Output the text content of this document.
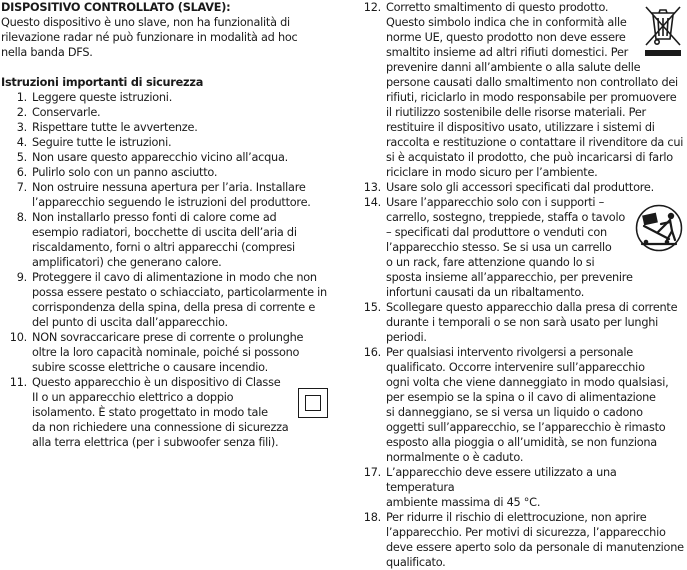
DISPOSITIVO CONTROLLATO (SLAVE):

Questo dispositivo è uno slave, non ha funzionalità di
rilevazione radar né può funzionare in modalità ad hoc
nella banda DFS.

Istruzioni importanti di sicurezza

1. Leggere queste istruzioni.
2. Conservarle.
3. Rispettare tutte le avvertenze.
4. Seguire tutte le istruzioni.
5. Non usare questo apparecchio vicino all’acqua.
6. Pulirlo solo con un panno asciutto.
7. Non ostruire nessuna apertura per l’aria. Installare
l’apparecchio seguendo le istruzioni del produttore.
8. Non installarlo presso fonti di calore come ad
esempio radiatori, bocchette di uscita dell’aria di
riscaldamento, forni o altri apparecchi (compresi
amplificatori) che generano calore.
9. Proteggere il cavo di alimentazione in modo che non
possa essere pestato o schiacciato, particolarmente in
corrispondenza della spina, della presa di corrente e
del punto di uscita dall’apparecchio.
10. NON sovraccaricare prese di corrente o prolunghe
oltre la loro capacità nominale, poiché si possono
subire scosse elettriche o causare incendio.
11. Questo apparecchio è un dispositivo di Classe
II o un apparecchio elettrico a doppio
isolamento. È stato progettato in modo tale
da non richiedere una connessione di sicurezza
alla terra elettrica (per i subwoofer senza fili).
12. Corretto smaltimento di questo prodotto.
Questo simbolo indica che in conformità alle
norme UE, questo prodotto non deve essere
smaltito insieme ad altri rifiuti domestici. Per
prevenire danni all’ambiente o alla salute delle
persone causati dallo smaltimento non controllato dei
rifiuti, riciclarlo in modo responsabile per promuovere
il riutilizzo sostenibile delle risorse materiali. Per
restituire il dispositivo usato, utilizzare i sistemi di
raccolta e restituzione o contattare il rivenditore da cui
si è acquistato il prodotto, che può incaricarsi di farlo
riciclare in modo sicuro per l’ambiente.
13. Usare solo gli accessori specificati dal produttore.
14. Usare l’apparecchio solo con i supporti –
carrello, sostegno, treppiede, staffa o tavolo
– specificati dal produttore o venduti con
l’apparecchio stesso. Se si usa un carrello
o un rack, fare attenzione quando lo si
sposta insieme all’apparecchio, per prevenire
infortuni causati da un ribaltamento.
15. Scollegare questo apparecchio dalla presa di corrente
durante i temporali o se non sarà usato per lunghi
periodi.
16. Per qualsiasi intervento rivolgersi a personale
qualificato. Occorre intervenire sull’apparecchio
ogni volta che viene danneggiato in modo qualsiasi,
per esempio se la spina o il cavo di alimentazione
si danneggiano, se si versa un liquido o cadono
oggetti sull’apparecchio, se l’apparecchio è rimasto
esposto alla pioggia o all’umidità, se non funziona
normalmente o è caduto.
17. L’apparecchio deve essere utilizzato a una temperatura
ambiente massima di 45 °C.
18. Per ridurre il rischio di elettrocuzione, non aprire
l’apparecchio. Per motivi di sicurezza, l’apparecchio
deve essere aperto solo da personale di manutenzione
qualificato.
